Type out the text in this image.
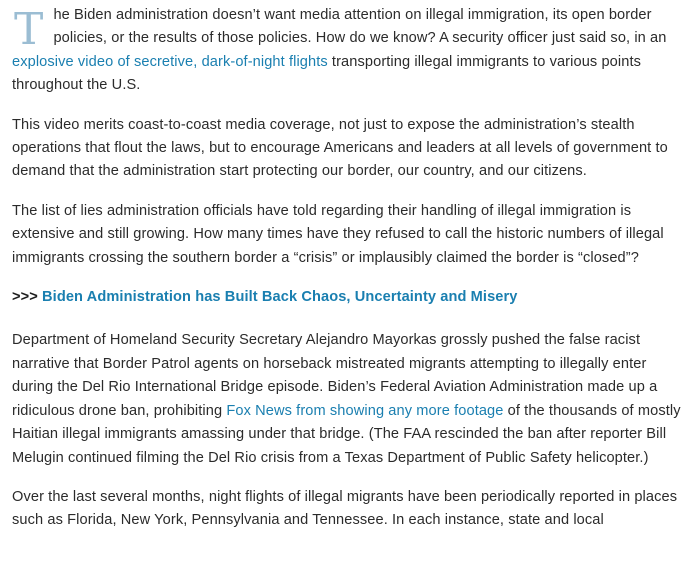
The Biden administration doesn’t want media attention on illegal immigration, its open border policies, or the results of those policies. How do we know? A security officer just said so, in an explosive video of secretive, dark-of-night flights transporting illegal immigrants to various points throughout the U.S.

This video merits coast-to-coast media coverage, not just to expose the administration’s stealth operations that flout the laws, but to encourage Americans and leaders at all levels of government to demand that the administration start protecting our border, our country, and our citizens.

The list of lies administration officials have told regarding their handling of illegal immigration is extensive and still growing. How many times have they refused to call the historic numbers of illegal immigrants crossing the southern border a “crisis” or implausibly claimed the border is “closed”?

>>> Biden Administration has Built Back Chaos, Uncertainty and Misery

Department of Homeland Security Secretary Alejandro Mayorkas grossly pushed the false racist narrative that Border Patrol agents on horseback mistreated migrants attempting to illegally enter during the Del Rio International Bridge episode. Biden’s Federal Aviation Administration made up a ridiculous drone ban, prohibiting Fox News from showing any more footage of the thousands of mostly Haitian illegal immigrants amassing under that bridge. (The FAA rescinded the ban after reporter Bill Melugin continued filming the Del Rio crisis from a Texas Department of Public Safety helicopter.)

Over the last several months, night flights of illegal migrants have been periodically reported in places such as Florida, New York, Pennsylvania and Tennessee. In each instance, state and local
